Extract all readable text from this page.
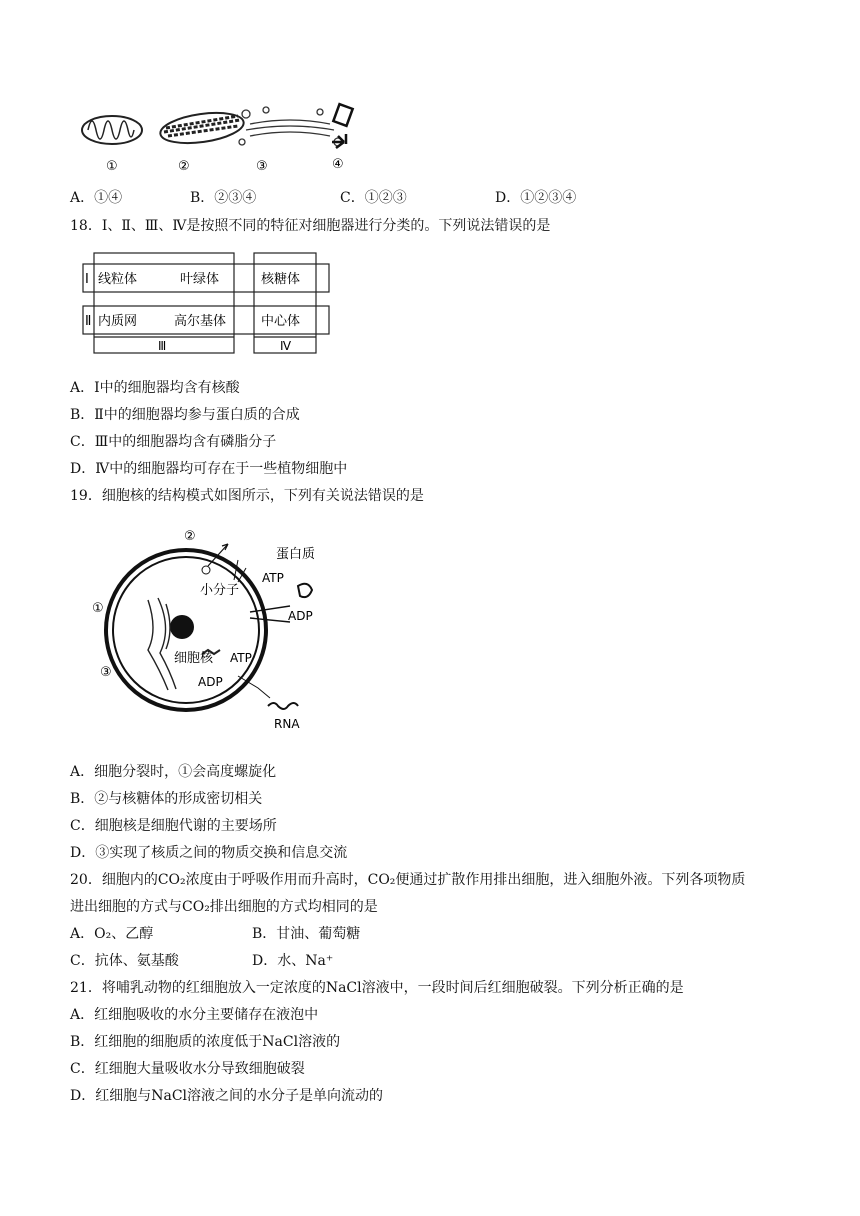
①	②	③	④
A．①④	B．②③④	C．①②③	D．①②③④
18．Ⅰ、Ⅱ、Ⅲ、Ⅳ是按照不同的特征对细胞器进行分类的。下列说法错误的是
Ⅰ
Ⅱ
线粒体	叶绿体	核糖体
内质网	高尔基体	中心体
Ⅲ	Ⅳ
A．Ⅰ中的细胞器均含有核酸
B．Ⅱ中的细胞器均参与蛋白质的合成
C．Ⅲ中的细胞器均含有磷脂分子
D．Ⅳ中的细胞器均可存在于一些植物细胞中
19．细胞核的结构模式如图所示，下列有关说法错误的是
①
②
③
蛋白质
ATP
小分子
ADP
ATP
细胞核
ADP
RNA
A．细胞分裂时，①会高度螺旋化
B．②与核糖体的形成密切相关
C．细胞核是细胞代谢的主要场所
D．③实现了核质之间的物质交换和信息交流
20．细胞内的CO₂浓度由于呼吸作用而升高时，CO₂便通过扩散作用排出细胞，进入细胞外液。下列各项物质
进出细胞的方式与CO₂排出细胞的方式均相同的是
A．O₂、乙醇	B．甘油、葡萄糖
C．抗体、氨基酸	D．水、Na⁺
21．将哺乳动物的红细胞放入一定浓度的NaCl溶液中，一段时间后红细胞破裂。下列分析正确的是
A．红细胞吸收的水分主要储存在液泡中
B．红细胞的细胞质的浓度低于NaCl溶液的
C．红细胞大量吸收水分导致细胞破裂
D．红细胞与NaCl溶液之间的水分子是单向流动的
